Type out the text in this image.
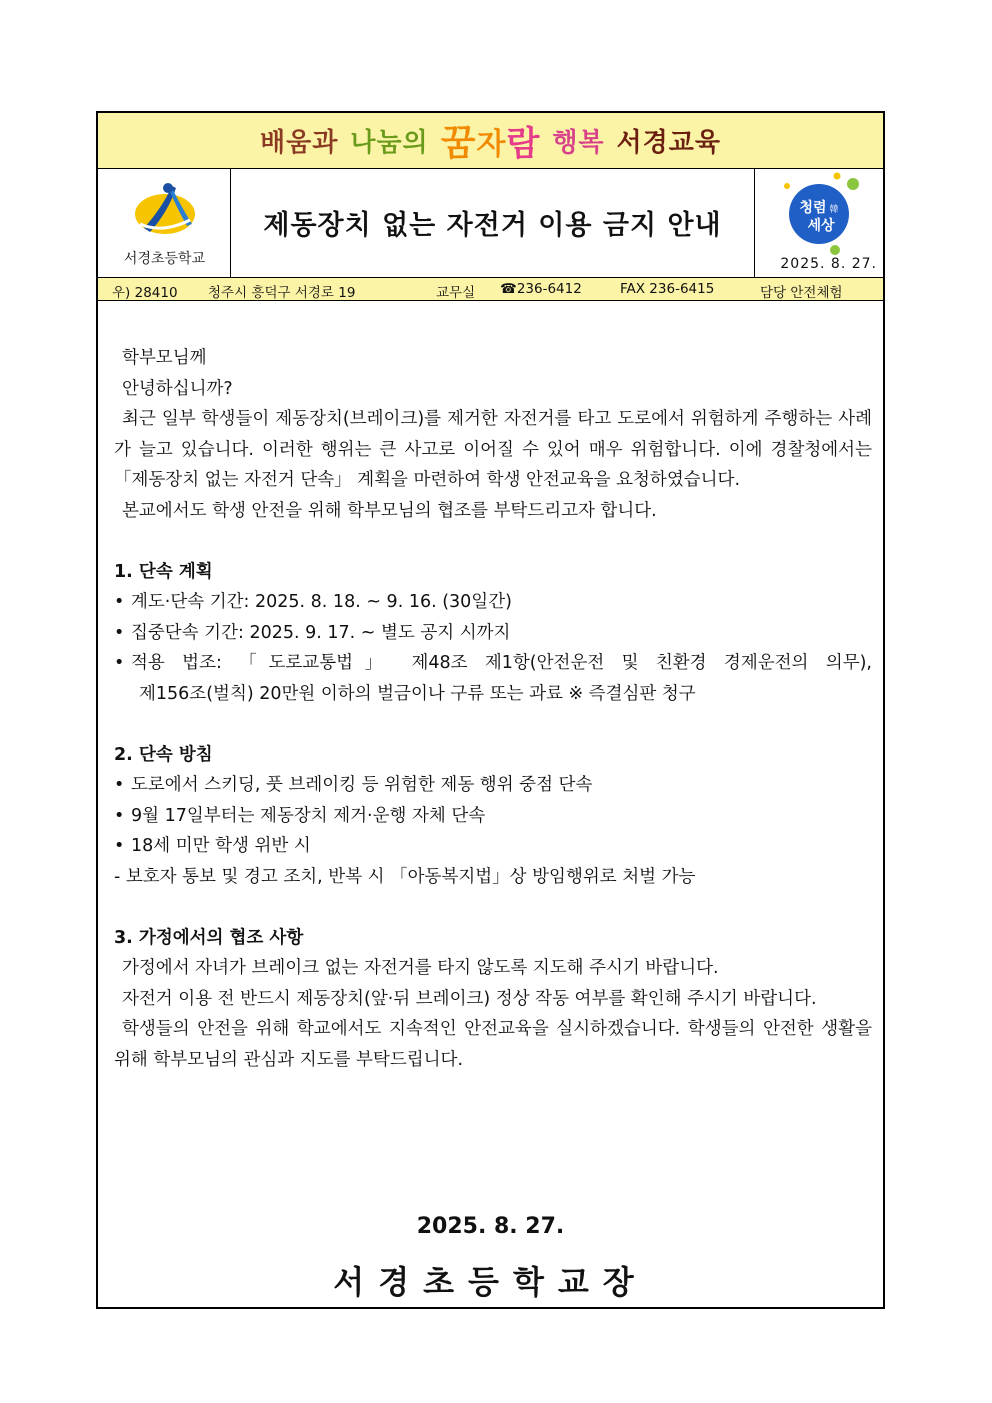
배움과 나눔의 꿈 자 람 행복 서경교육
서경초등학교
제동장치 없는 자전거 이용 금지 안내
청렴 韓
세상
2025. 8. 27.
우) 28410 청주시 흥덕구 서경로 19	교무실 ☎236-6412	FAX 236-6415	담당 안전체험

학부모님께

안녕하십니까?

최근 일부 학생들이 제동장치(브레이크)를 제거한 자전거를 타고 도로에서 위험하게 주행하는 사례가 늘고 있습니다. 이러한 행위는 큰 사고로 이어질 수 있어 매우 위험합니다. 이에 경찰청에서는 「제동장치 없는 자전거 단속」 계획을 마련하여 학생 안전교육을 요청하였습니다.

본교에서도 학생 안전을 위해 학부모님의 협조를 부탁드리고자 합니다.

1. 단속 계획

• 계도·단속 기간: 2025. 8. 18. ~ 9. 16. (30일간)

• 집중단속 기간: 2025. 9. 17. ~ 별도 공지 시까지

• 적용 법조: 「도로교통법」 제48조 제1항(안전운전 및 친환경 경제운전의 의무),

제156조(벌칙) 20만원 이하의 벌금이나 구류 또는 과료 ※ 즉결심판 청구

2. 단속 방침

• 도로에서 스키딩, 풋 브레이킹 등 위험한 제동 행위 중점 단속

• 9월 17일부터는 제동장치 제거·운행 자체 단속

• 18세 미만 학생 위반 시

- 보호자 통보 및 경고 조치, 반복 시 「아동복지법」상 방임행위로 처벌 가능

3. 가정에서의 협조 사항

가정에서 자녀가 브레이크 없는 자전거를 타지 않도록 지도해 주시기 바랍니다.

자전거 이용 전 반드시 제동장치(앞·뒤 브레이크) 정상 작동 여부를 확인해 주시기 바랍니다.

학생들의 안전을 위해 학교에서도 지속적인 안전교육을 실시하겠습니다. 학생들의 안전한 생활을 위해 학부모님의 관심과 지도를 부탁드립니다.

2025. 8. 27.
서경초등학교장
